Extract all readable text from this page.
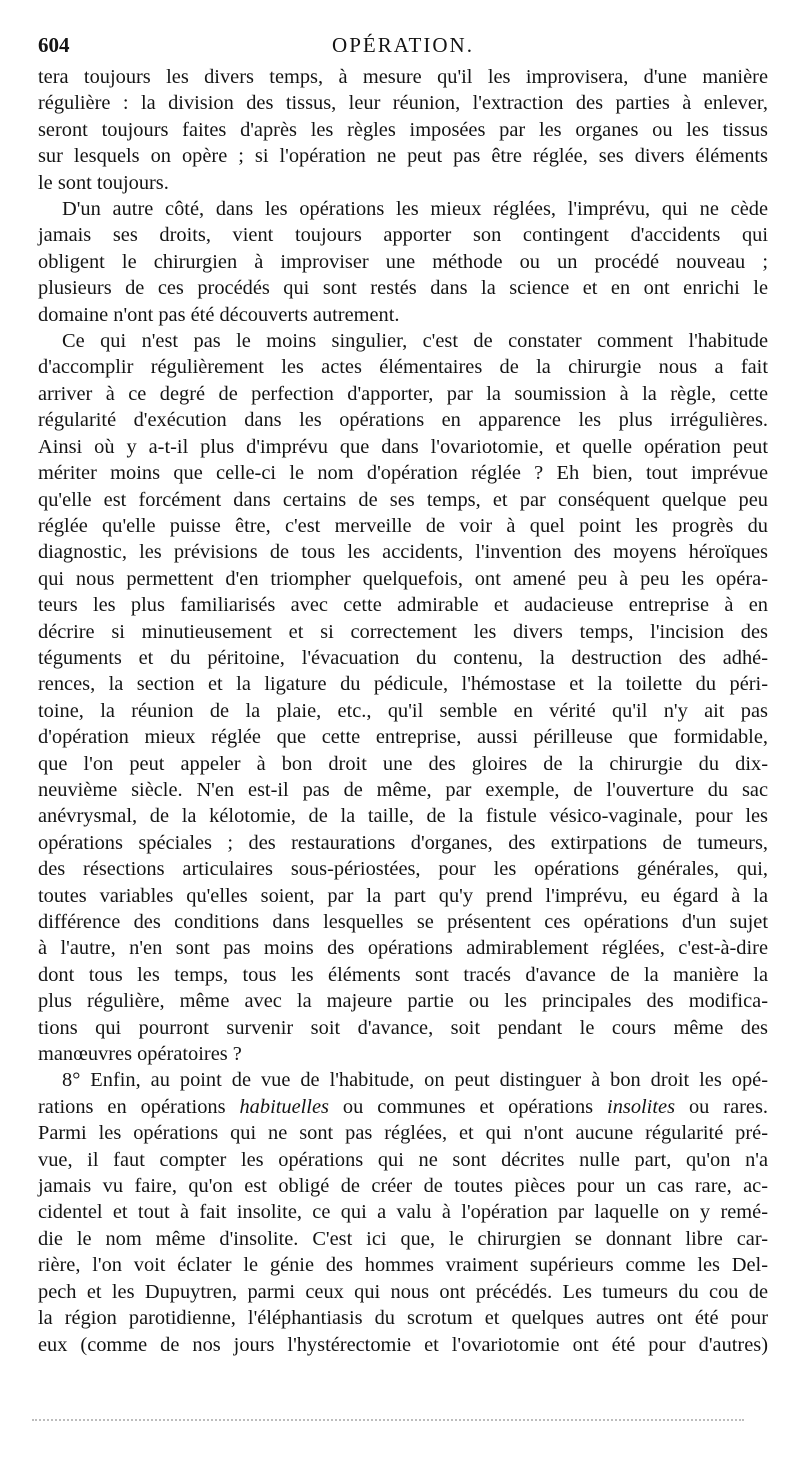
604	OPÉRATION.
tera toujours les divers temps, à mesure qu'il les improvisera, d'une manière
régulière : la division des tissus, leur réunion, l'extraction des parties à enlever,
seront toujours faites d'après les règles imposées par les organes ou les tissus
sur lesquels on opère ; si l'opération ne peut pas être réglée, ses divers éléments
le sont toujours.
D'un autre côté, dans les opérations les mieux réglées, l'imprévu, qui ne cède
jamais ses droits, vient toujours apporter son contingent d'accidents qui
obligent le chirurgien à improviser une méthode ou un procédé nouveau ;
plusieurs de ces procédés qui sont restés dans la science et en ont enrichi le
domaine n'ont pas été découverts autrement.
Ce qui n'est pas le moins singulier, c'est de constater comment l'habitude
d'accomplir régulièrement les actes élémentaires de la chirurgie nous a fait
arriver à ce degré de perfection d'apporter, par la soumission à la règle, cette
régularité d'exécution dans les opérations en apparence les plus irrégulières.
Ainsi où y a-t-il plus d'imprévu que dans l'ovariotomie, et quelle opération peut
mériter moins que celle-ci le nom d'opération réglée ? Eh bien, tout imprévue
qu'elle est forcément dans certains de ses temps, et par conséquent quelque peu
réglée qu'elle puisse être, c'est merveille de voir à quel point les progrès du
diagnostic, les prévisions de tous les accidents, l'invention des moyens héroïques
qui nous permettent d'en triompher quelquefois, ont amené peu à peu les opéra-
teurs les plus familiarisés avec cette admirable et audacieuse entreprise à en
décrire si minutieusement et si correctement les divers temps, l'incision des
téguments et du péritoine, l'évacuation du contenu, la destruction des adhé-
rences, la section et la ligature du pédicule, l'hémostase et la toilette du péri-
toine, la réunion de la plaie, etc., qu'il semble en vérité qu'il n'y ait pas
d'opération mieux réglée que cette entreprise, aussi périlleuse que formidable,
que l'on peut appeler à bon droit une des gloires de la chirurgie du dix-
neuvième siècle. N'en est-il pas de même, par exemple, de l'ouverture du sac
anévrysmal, de la kélotomie, de la taille, de la fistule vésico-vaginale, pour les
opérations spéciales ; des restaurations d'organes, des extirpations de tumeurs,
des résections articulaires sous-périostées, pour les opérations générales, qui,
toutes variables qu'elles soient, par la part qu'y prend l'imprévu, eu égard à la
différence des conditions dans lesquelles se présentent ces opérations d'un sujet
à l'autre, n'en sont pas moins des opérations admirablement réglées, c'est-à-dire
dont tous les temps, tous les éléments sont tracés d'avance de la manière la
plus régulière, même avec la majeure partie ou les principales des modifica-
tions qui pourront survenir soit d'avance, soit pendant le cours même des
manœuvres opératoires ?
8° Enfin, au point de vue de l'habitude, on peut distinguer à bon droit les opé-
rations en opérations habituelles ou communes et opérations insolites ou rares.
Parmi les opérations qui ne sont pas réglées, et qui n'ont aucune régularité pré-
vue, il faut compter les opérations qui ne sont décrites nulle part, qu'on n'a
jamais vu faire, qu'on est obligé de créer de toutes pièces pour un cas rare, ac-
cidentel et tout à fait insolite, ce qui a valu à l'opération par laquelle on y remé-
die le nom même d'insolite. C'est ici que, le chirurgien se donnant libre car-
rière, l'on voit éclater le génie des hommes vraiment supérieurs comme les Del-
pech et les Dupuytren, parmi ceux qui nous ont précédés. Les tumeurs du cou de
la région parotidienne, l'éléphantiasis du scrotum et quelques autres ont été pour
eux (comme de nos jours l'hystérectomie et l'ovariotomie ont été pour d'autres)
